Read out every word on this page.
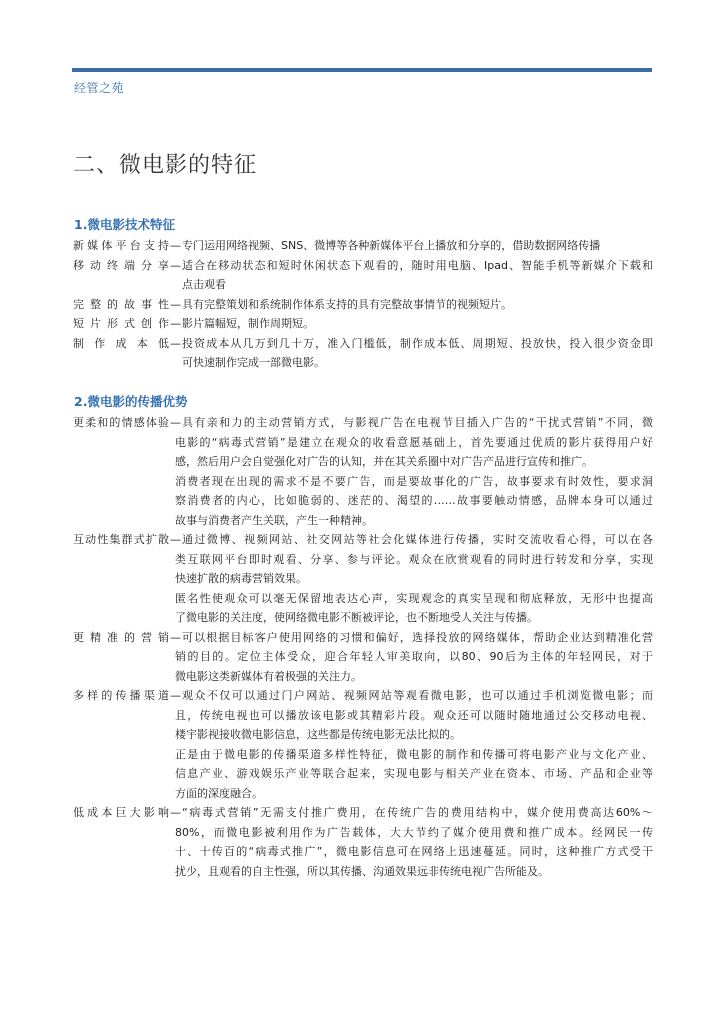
经管之苑
二、微电影的特征
1.微电影技术特征
新媒体平台支持 — 专门运用网络视频、SNS、微博等各种新媒体平台上播放和分享的，借助数据网络传播
移动终端分享 — 适合在移动状态和短时休闲状态下观看的，随时用电脑、Ipad、智能手机等新媒介下载和
点击观看
完整的故事性 — 具有完整策划和系统制作体系支持的具有完整故事情节的视频短片。
短片形式创作 — 影片篇幅短，制作周期短。
制作成本低 — 投资成本从几万到几十万，准入门槛低，制作成本低、周期短、投放快，投入很少资金即
可快速制作完成一部微电影。
2.微电影的传播优势
更柔和的情感体验 — 具有亲和力的主动营销方式，与影视广告在电视节目插入广告的“干扰式营销”不同，微
电影的“病毒式营销”是建立在观众的收看意愿基础上，首先要通过优质的影片获得用户好
感，然后用户会自觉强化对广告的认知，并在其关系圈中对广告产品进行宣传和推广。
消费者现在出现的需求不是不要广告，而是要故事化的广告，故事要求有时效性，要求洞
察消费者的内心，比如脆弱的、迷茫的、渴望的……故事要触动情感，品牌本身可以通过
故事与消费者产生关联，产生一种精神。
互动性集群式扩散 — 通过微博、视频网站、社交网站等社会化媒体进行传播，实时交流收看心得，可以在各
类互联网平台即时观看、分享、参与评论。观众在欣赏观看的同时进行转发和分享，实现
快速扩散的病毒营销效果。
匿名性使观众可以毫无保留地表达心声，实现观念的真实呈现和彻底释放，无形中也提高
了微电影的关注度，使网络微电影不断被评论，也不断地受人关注与传播。
更精准的营销 — 可以根据目标客户使用网络的习惯和偏好，选择投放的网络媒体，帮助企业达到精准化营
销的目的。定位主体受众，迎合年轻人审美取向，以80、90后为主体的年轻网民，对于
微电影这类新媒体有着极强的关注力。
多样的传播渠道 — 观众不仅可以通过门户网站、视频网站等观看微电影，也可以通过手机浏览微电影；而
且，传统电视也可以播放该电影或其精彩片段。观众还可以随时随地通过公交移动电视、
楼宇影视接收微电影信息，这些都是传统电影无法比拟的。
正是由于微电影的传播渠道多样性特征，微电影的制作和传播可将电影产业与文化产业、
信息产业、游戏娱乐产业等联合起来，实现电影与相关产业在资本、市场、产品和企业等
方面的深度融合。
低成本巨大影响 — “病毒式营销”无需支付推广费用，在传统广告的费用结构中，媒介使用费高达60%～
80%，而微电影被利用作为广告载体，大大节约了媒介使用费和推广成本。经网民一传
十、十传百的“病毒式推广”，微电影信息可在网络上迅速蔓延。同时，这种推广方式受干
扰少，且观看的自主性强，所以其传播、沟通效果远非传统电视广告所能及。
